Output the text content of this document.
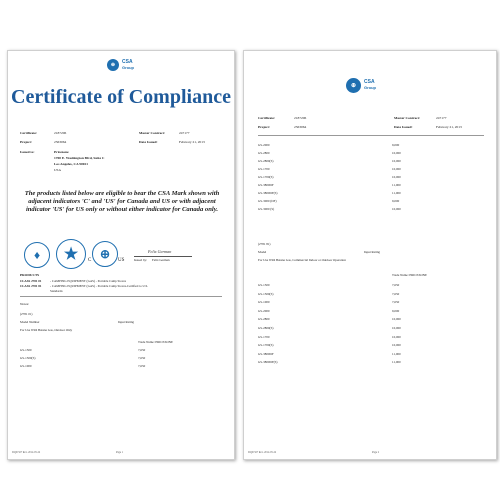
⊕	CSA
Group
Certificate of Compliance
Certificate:	2187206	Master Contract:	247177
Project:	2563064	Date Issued:	February 21, 2013
Issued to:	Pricezone
1700 E. Washington Blvd, Suite C
Los Angeles, CA 90021
USA
The products listed below are eligible to bear the CSA Mark shown with adjacent indicators 'C' and 'US' for Canada and US or with adjacent indicator 'US' for US only or without either indicator for Canada only.
♦	★	⊕
C	US
Felix German
Issued by: Felix German
PRODUCTS
CLASS 2781 01	- CAMPING EQUIPMENT (GAS) - Portable Camp Stoves
CLASS 2781 81	- CAMPING EQUIPMENT (GAS) - Portable Camp Stoves-Certified to U.S.
Standards
Notes:
(2781 01)
Model Number	Input Rating
For Use With Butane Gas, Outdoor Only
Trade Name: PRICEZONE
GS-1500	7,650
GS-1500(S)	7,650
GS-1000	7,650
DQD 507 Rev. 2012-05-22	Page 1
⊕
CSA
Group
Certificate:	2187206	Master Contract:	247177
Project:	2563064	Date Issued:	February 21, 2013
GS-2000	9,000
GS-2800	10,000
GS-2800(S)	10,000
GS-1700	10,000
GS-1700(S)	10,000
GS-3800DF	11,000
GS-3800DF(S)	11,000
GS-3000 (DF)	9,000
GS-3000 (S)	10,000
(2781 81)
Model	Input Rating
For Use With Butane Gas, Commercial Indoor or Outdoor Operation
Trade Name: PRICEZONE
GS-1500	7,650
GS-1500(S)	7,650
GS-1000	7,650
GS-2000	9,000
GS-2800	10,000
GS-2800(S)	10,000
GS-1700	10,000
GS-1700(S)	10,000
GS-3800DF	11,000
GS-3800DF(S)	11,000
DQD 507 Rev. 2012-05-22	Page 2
